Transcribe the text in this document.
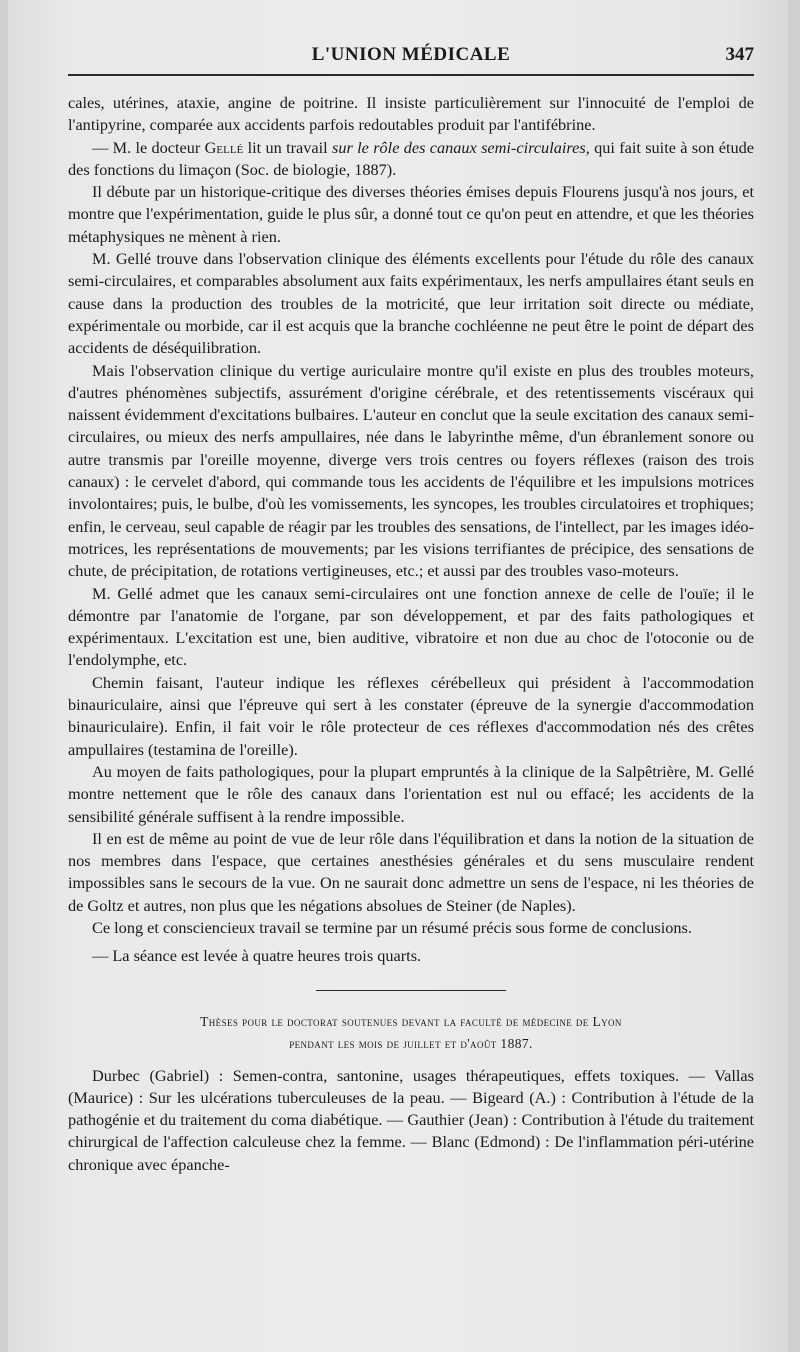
L'UNION MÉDICALE	347

cales, utérines, ataxie, angine de poitrine. Il insiste particulièrement sur l'innocuité de l'emploi de l'antipyrine, comparée aux accidents parfois redoutables produit par l'antifébrine.

— M. le docteur Gellé lit un travail sur le rôle des canaux semi-circulaires, qui fait suite à son étude des fonctions du limaçon (Soc. de biologie, 1887).

Il débute par un historique-critique des diverses théories émises depuis Flourens jusqu'à nos jours, et montre que l'expérimentation, guide le plus sûr, a donné tout ce qu'on peut en attendre, et que les théories métaphysiques ne mènent à rien.

M. Gellé trouve dans l'observation clinique des éléments excellents pour l'étude du rôle des canaux semi-circulaires, et comparables absolument aux faits expérimentaux, les nerfs ampullaires étant seuls en cause dans la production des troubles de la motricité, que leur irritation soit directe ou médiate, expérimentale ou morbide, car il est acquis que la branche cochléenne ne peut être le point de départ des accidents de déséquilibration.

Mais l'observation clinique du vertige auriculaire montre qu'il existe en plus des troubles moteurs, d'autres phénomènes subjectifs, assurément d'origine cérébrale, et des retentissements viscéraux qui naissent évidemment d'excitations bulbaires. L'auteur en conclut que la seule excitation des canaux semi-circulaires, ou mieux des nerfs ampullaires, née dans le labyrinthe même, d'un ébranlement sonore ou autre transmis par l'oreille moyenne, diverge vers trois centres ou foyers réflexes (raison des trois canaux) : le cervelet d'abord, qui commande tous les accidents de l'équilibre et les impulsions motrices involontaires; puis, le bulbe, d'où les vomissements, les syncopes, les troubles circulatoires et trophiques; enfin, le cerveau, seul capable de réagir par les troubles des sensations, de l'intellect, par les images idéo-motrices, les représentations de mouvements; par les visions terrifiantes de précipice, des sensations de chute, de précipitation, de rotations vertigineuses, etc.; et aussi par des troubles vaso-moteurs.

M. Gellé admet que les canaux semi-circulaires ont une fonction annexe de celle de l'ouïe; il le démontre par l'anatomie de l'organe, par son développement, et par des faits pathologiques et expérimentaux. L'excitation est une, bien auditive, vibratoire et non due au choc de l'otoconie ou de l'endolymphe, etc.

Chemin faisant, l'auteur indique les réflexes cérébelleux qui président à l'accommodation binauriculaire, ainsi que l'épreuve qui sert à les constater (épreuve de la synergie d'accommodation binauriculaire). Enfin, il fait voir le rôle protecteur de ces réflexes d'accommodation nés des crêtes ampullaires (testamina de l'oreille).

Au moyen de faits pathologiques, pour la plupart empruntés à la clinique de la Salpêtrière, M. Gellé montre nettement que le rôle des canaux dans l'orientation est nul ou effacé; les accidents de la sensibilité générale suffisent à la rendre impossible.

Il en est de même au point de vue de leur rôle dans l'équilibration et dans la notion de la situation de nos membres dans l'espace, que certaines anesthésies générales et du sens musculaire rendent impossibles sans le secours de la vue. On ne saurait donc admettre un sens de l'espace, ni les théories de de Goltz et autres, non plus que les négations absolues de Steiner (de Naples).

Ce long et consciencieux travail se termine par un résumé précis sous forme de conclusions.

— La séance est levée à quatre heures trois quarts.

Thèses pour le doctorat soutenues devant la faculté de médecine de Lyon
pendant les mois de juillet et d'août 1887.

Durbec (Gabriel) : Semen-contra, santonine, usages thérapeutiques, effets toxiques. — Vallas (Maurice) : Sur les ulcérations tuberculeuses de la peau. — Bigeard (A.) : Contribution à l'étude de la pathogénie et du traitement du coma diabétique. — Gauthier (Jean) : Contribution à l'étude du traitement chirurgical de l'affection calculeuse chez la femme. — Blanc (Edmond) : De l'inflammation péri-utérine chronique avec épanche-
